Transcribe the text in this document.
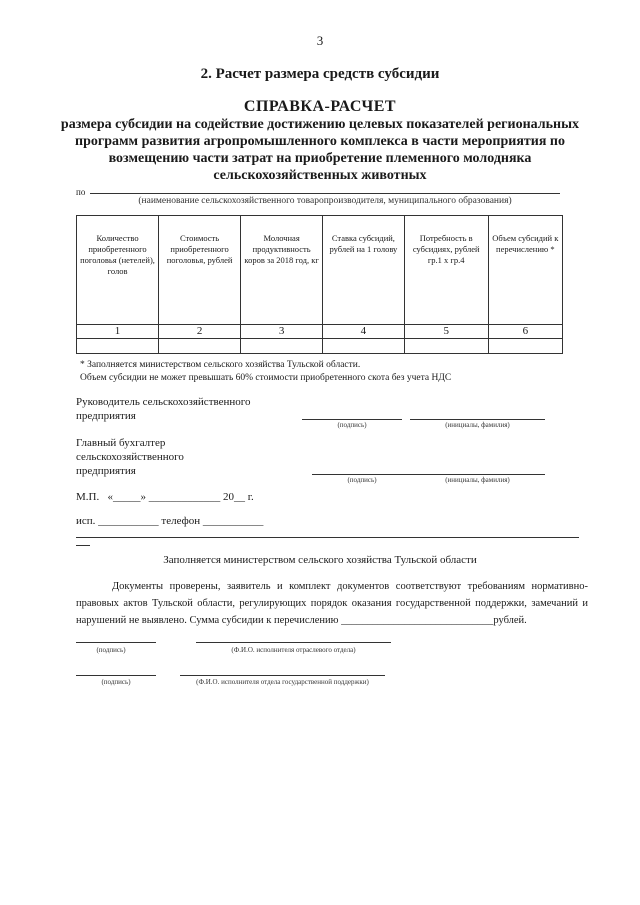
3
2. Расчет размера средств субсидии
СПРАВКА-РАСЧЕТ
размера субсидии на содействие достижению целевых показателей региональных программ развития агропромышленного комплекса в части мероприятия по возмещению части затрат на приобретение племенного молодняка сельскохозяйственных животных
по
(наименование сельскохозяйственного товаропроизводителя, муниципального образования)
Количество приобретенного поголовья (нетелей), голов	Стоимость приобретенного поголовья, рублей	Молочная продуктивность коров за 2018 год, кг	Ставка субсидий, рублей на 1 голову	Потребность в субсидиях, рублей гр.1 х гр.4	Объем субсидий к перечислению *
1	2	3	4	5	6

* Заполняется министерством сельского хозяйства Тульской области.
Объем субсидии не может превышать 60% стоимости приобретенного скота без учета НДС
Руководитель сельскохозяйственного
предприятия
(подпись)	(инициалы, фамилия)
Главный бухгалтер
сельскохозяйственного
предприятия
(подпись)	(инициалы, фамилия)
М.П.   «_____» _____________ 20__ г.
исп. ___________ телефон ___________
Заполняется министерством сельского хозяйства Тульской области
Документы проверены, заявитель и комплект документов соответствуют требованиям нормативно-правовых актов Тульской области, регулирующих порядок оказания государственной поддержки, замечаний и нарушений не выявлено. Сумма субсидии к перечислению _____________________________рублей.
(подпись)	(Ф.И.О. исполнителя отраслевого отдела)
(подпись)	(Ф.И.О. исполнителя отдела государственной поддержки)
